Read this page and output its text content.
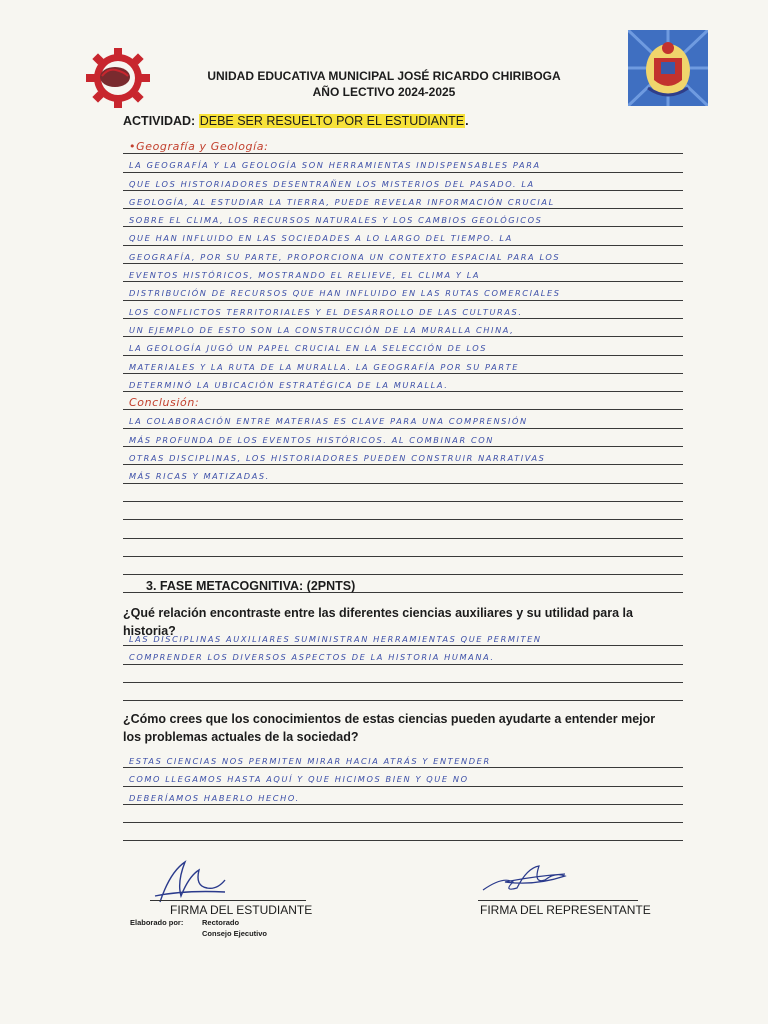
UNIDAD EDUCATIVA MUNICIPAL JOSÉ RICARDO CHIRIBOGA
AÑO LECTIVO 2024-2025
ACTIVIDAD: DEBE SER RESUELTO POR EL ESTUDIANTE.
•Geografía y Geología:
LA GEOGRAFÍA Y LA GEOLOGÍA SON HERRAMIENTAS INDISPENSABLES PARA
QUE LOS HISTORIADORES DESENTRAÑEN LOS MISTERIOS DEL PASADO. LA
GEOLOGÍA, AL ESTUDIAR LA TIERRA, PUEDE REVELAR INFORMACIÓN CRUCIAL
SOBRE EL CLIMA, LOS RECURSOS NATURALES Y LOS CAMBIOS GEOLÓGICOS
QUE HAN INFLUIDO EN LAS SOCIEDADES A LO LARGO DEL TIEMPO. LA
GEOGRAFÍA, POR SU PARTE, PROPORCIONA UN CONTEXTO ESPACIAL PARA LOS
EVENTOS HISTÓRICOS, MOSTRANDO EL RELIEVE, EL CLIMA Y LA
DISTRIBUCIÓN DE RECURSOS QUE HAN INFLUIDO EN LAS RUTAS COMERCIALES
LOS CONFLICTOS TERRITORIALES Y EL DESARROLLO DE LAS CULTURAS.
UN EJEMPLO DE ESTO SON LA CONSTRUCCIÓN DE LA MURALLA CHINA,
LA GEOLOGÍA JUGÓ UN PAPEL CRUCIAL EN LA SELECCIÓN DE LOS
MATERIALES Y LA RUTA DE LA MURALLA. LA GEOGRAFÍA POR SU PARTE
DETERMINÓ LA UBICACIÓN ESTRATÉGICA DE LA MURALLA.
Conclusión:
LA COLABORACIÓN ENTRE MATERIAS ES CLAVE PARA UNA COMPRENSIÓN
MÁS PROFUNDA DE LOS EVENTOS HISTÓRICOS. AL COMBINAR CON
OTRAS DISCIPLINAS, LOS HISTORIADORES PUEDEN CONSTRUIR NARRATIVAS
MÁS RICAS Y MATIZADAS.
3. FASE METACOGNITIVA: (2PNTS)
¿Qué relación encontraste entre las diferentes ciencias auxiliares y su utilidad para la historia?
LAS DISCIPLINAS AUXILIARES SUMINISTRAN HERRAMIENTAS QUE PERMITEN
COMPRENDER LOS DIVERSOS ASPECTOS DE LA HISTORIA HUMANA.
¿Cómo crees que los conocimientos de estas ciencias pueden ayudarte a entender mejor los problemas actuales de la sociedad?
ESTAS CIENCIAS NOS PERMITEN MIRAR HACIA ATRÁS Y ENTENDER
COMO LLEGAMOS HASTA AQUÍ Y QUE HICIMOS BIEN Y QUE NO
DEBERÍAMOS HABERLO HECHO.
FIRMA DEL ESTUDIANTE	FIRMA DEL REPRESENTANTE
Elaborado por: Rectorado
Consejo Ejecutivo
